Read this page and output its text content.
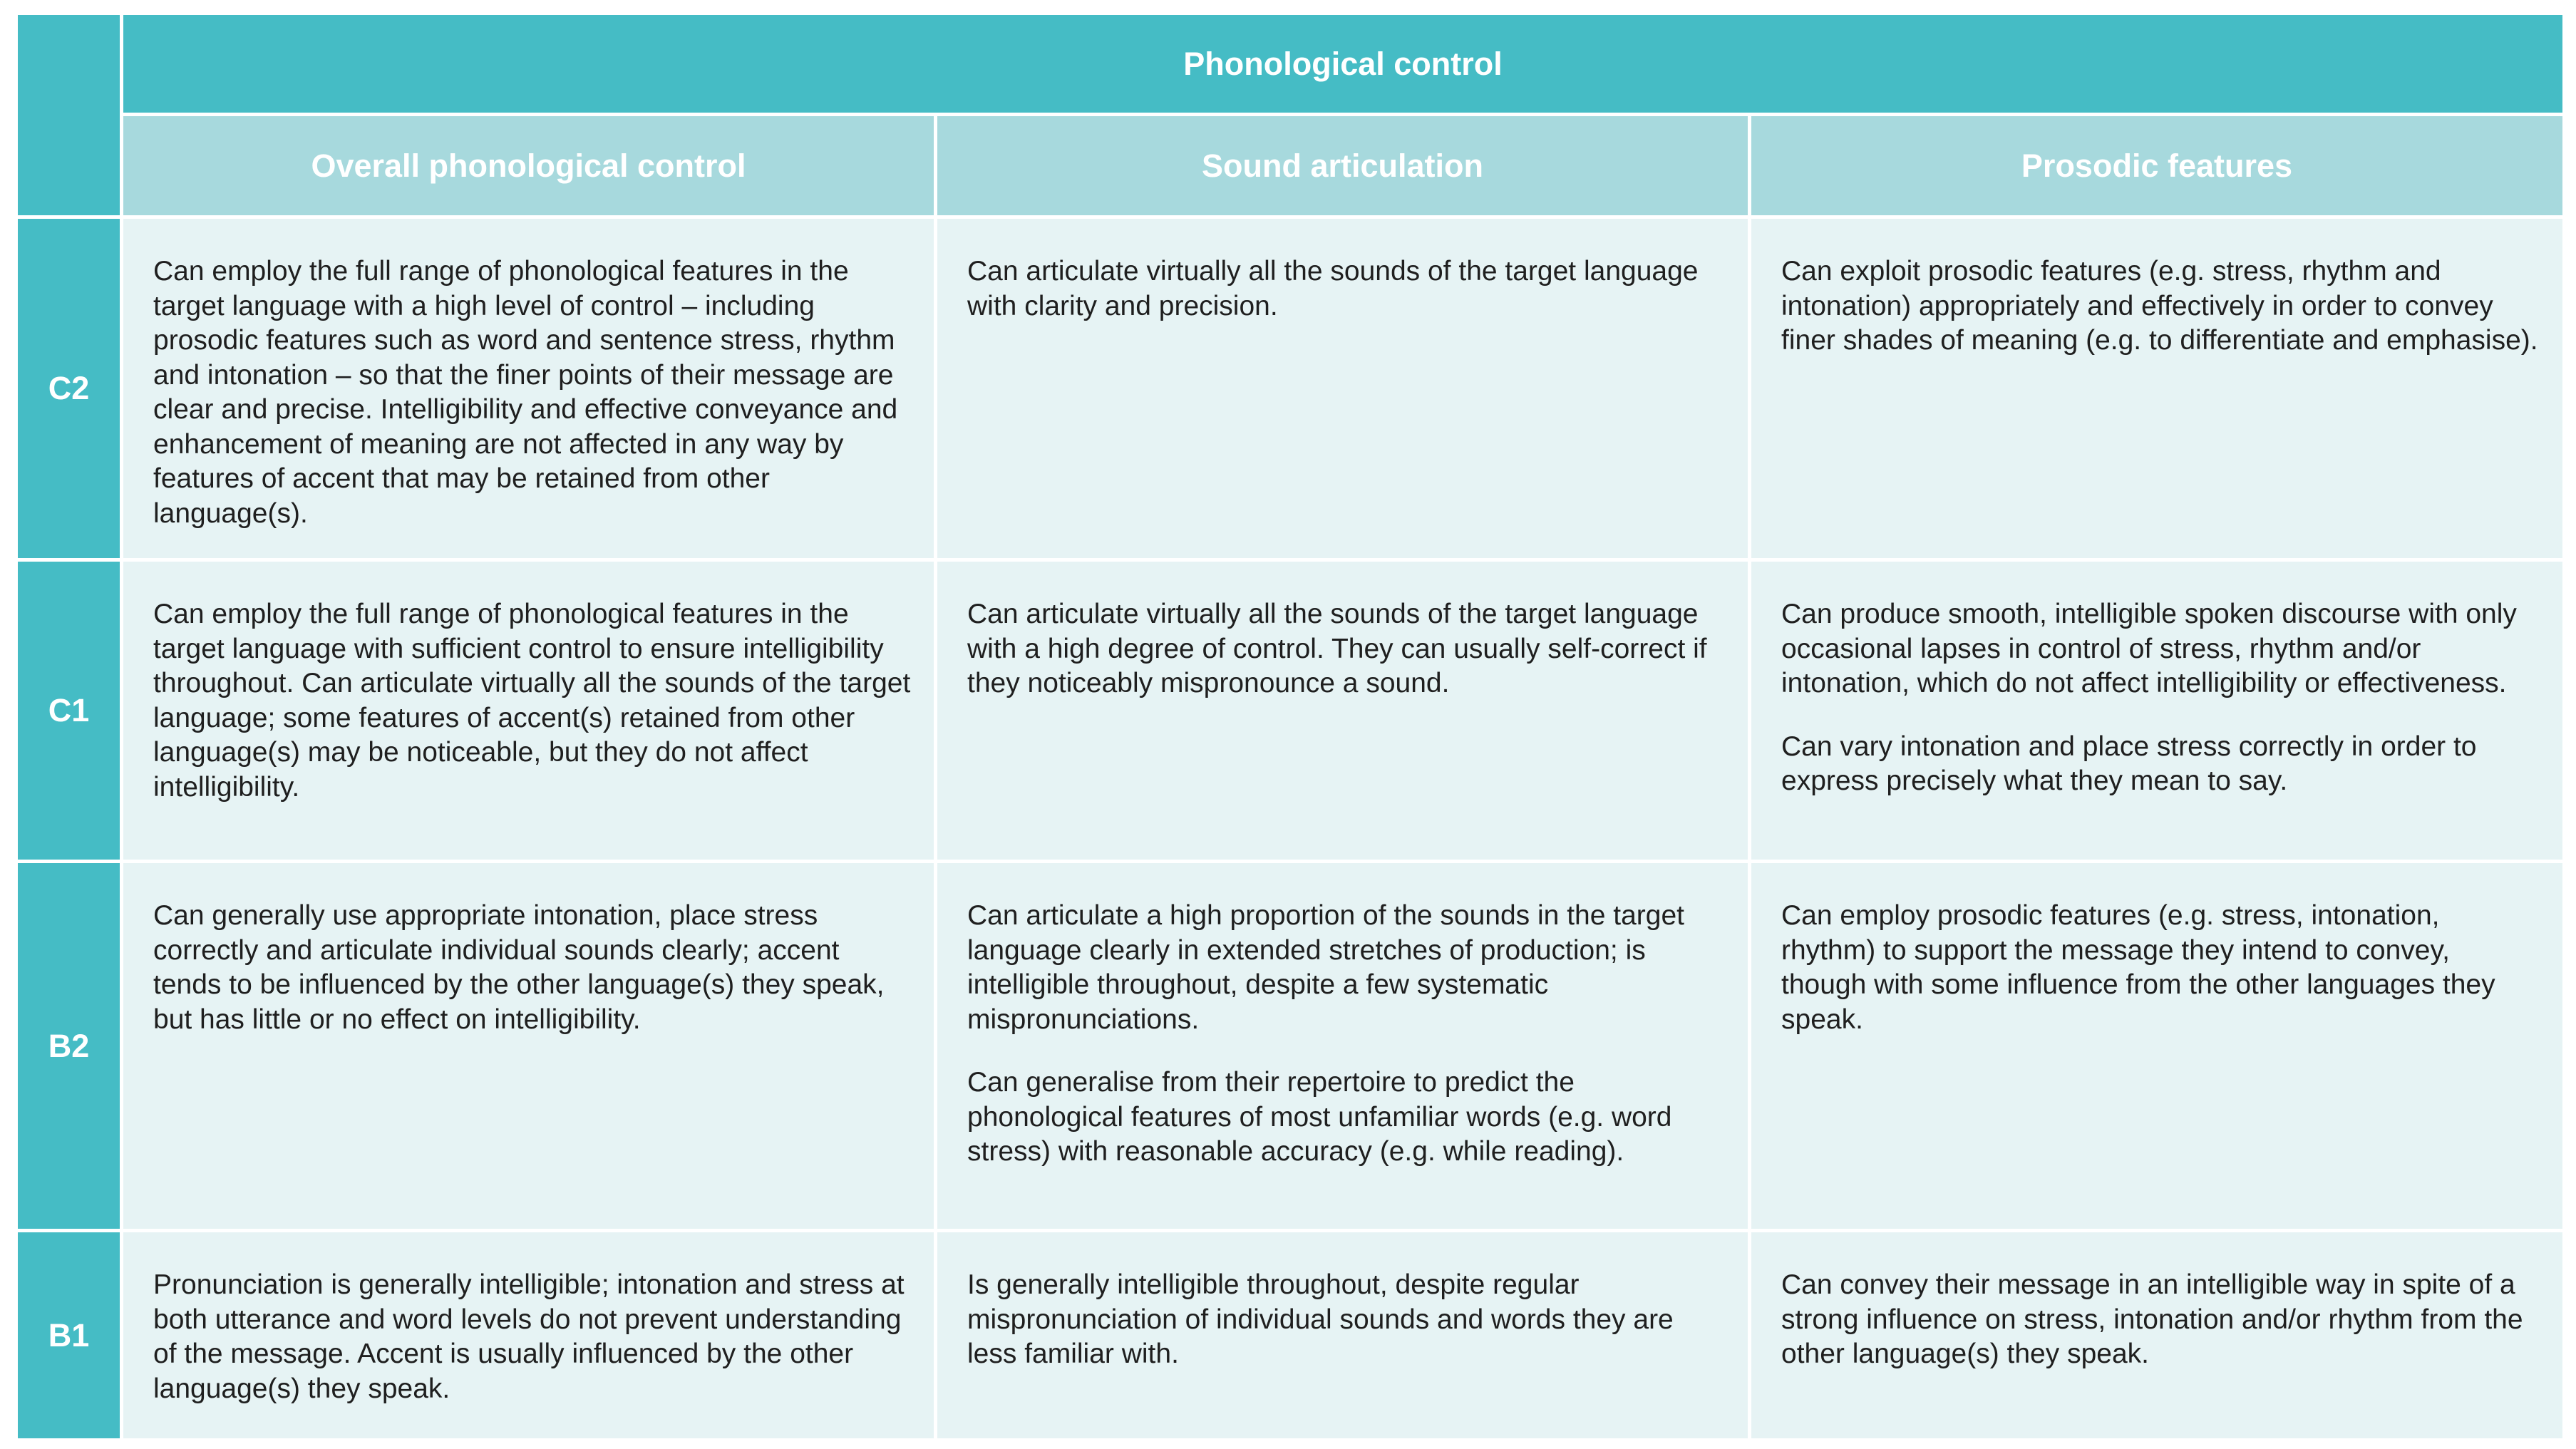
Phonological control
Overall phonological control	Sound articulation	Prosodic features
C2

Can employ the full range of phonological features in the target language with a high level of control – including prosodic features such as word and sentence stress, rhythm and intonation – so that the finer points of their message are clear and precise. Intelligibility and effective conveyance and enhancement of meaning are not affected in any way by features of accent that may be retained from other language(s).

Can articulate virtually all the sounds of the target language with clarity and precision.

Can exploit prosodic features (e.g. stress, rhythm and intonation) appropriately and effectively in order to convey finer shades of meaning (e.g. to differentiate and emphasise).

C1

Can employ the full range of phonological features in the target language with sufficient control to ensure intelligibility throughout. Can articulate virtually all the sounds of the target language; some features of accent(s) retained from other language(s) may be noticeable, but they do not affect intelligibility.

Can articulate virtually all the sounds of the target language with a high degree of control. They can usually self-correct if they noticeably mispronounce a sound.

Can produce smooth, intelligible spoken discourse with only occasional lapses in control of stress, rhythm and/or intonation, which do not affect intelligibility or effectiveness.

Can vary intonation and place stress correctly in order to express precisely what they mean to say.

B2

Can generally use appropriate intonation, place stress correctly and articulate individual sounds clearly; accent tends to be influenced by the other language(s) they speak, but has little or no effect on intelligibility.

Can articulate a high proportion of the sounds in the target language clearly in extended stretches of production; is intelligible throughout, despite a few systematic mispronunciations.

Can generalise from their repertoire to predict the phonological features of most unfamiliar words (e.g. word stress) with reasonable accuracy (e.g. while reading).

Can employ prosodic features (e.g. stress, intonation, rhythm) to support the message they intend to convey, though with some influence from the other languages they speak.

B1

Pronunciation is generally intelligible; intonation and stress at both utterance and word levels do not prevent understanding of the message. Accent is usually influenced by the other language(s) they speak.

Is generally intelligible throughout, despite regular mispronunciation of individual sounds and words they are less familiar with.

Can convey their message in an intelligible way in spite of a strong influence on stress, intonation and/or rhythm from the other language(s) they speak.
